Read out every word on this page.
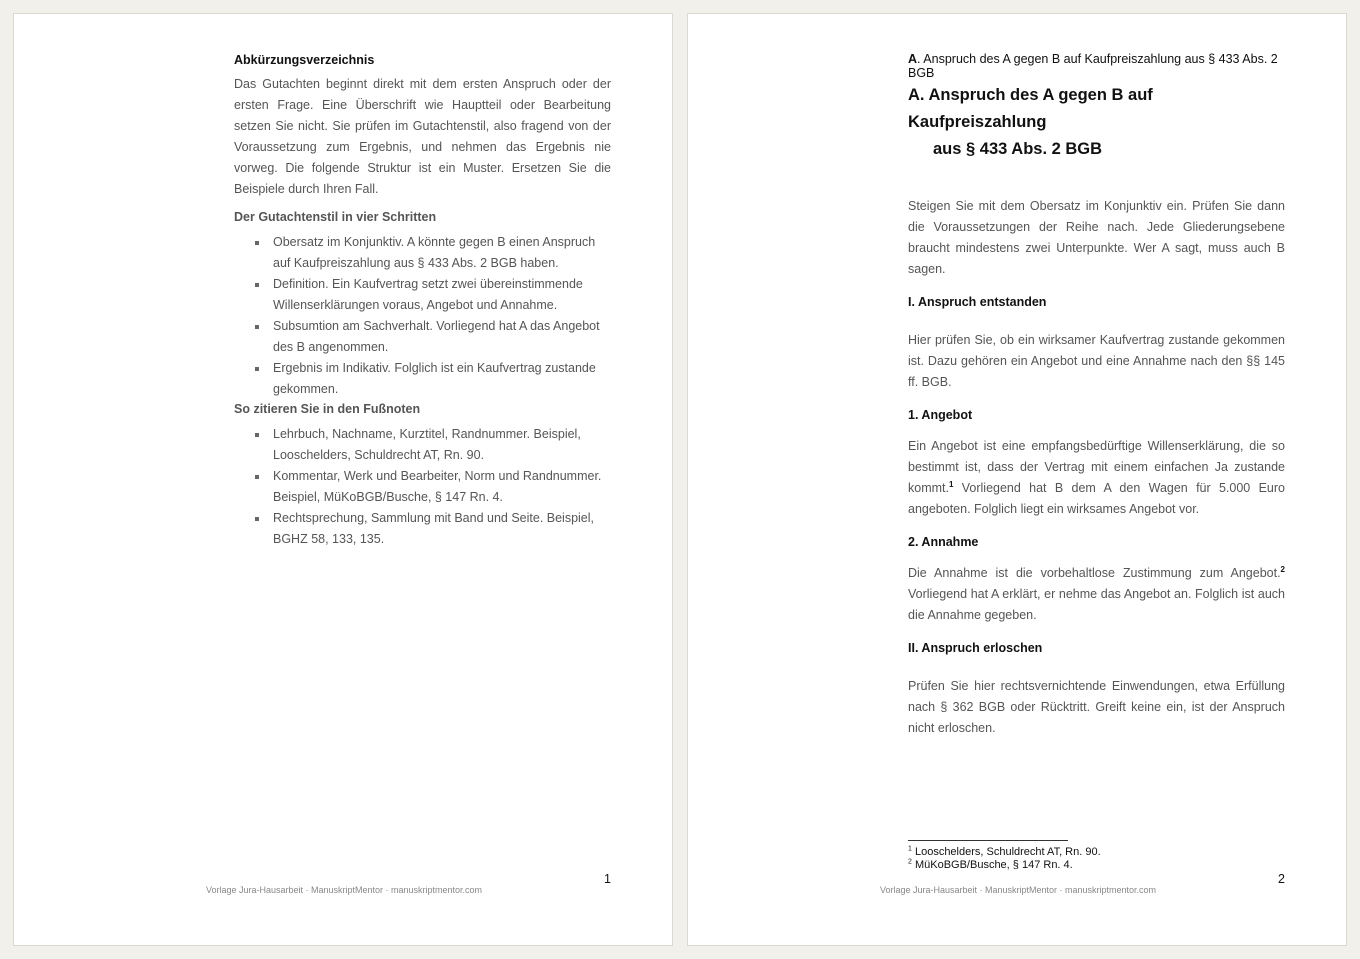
Abkürzungsverzeichnis

Das Gutachten beginnt direkt mit dem ersten Anspruch oder der ersten Frage. Eine Überschrift wie Hauptteil oder Bearbeitung setzen Sie nicht. Sie prüfen im Gutachtenstil, also fragend von der Voraussetzung zum Ergebnis, und nehmen das Ergebnis nie vorweg. Die folgende Struktur ist ein Muster. Ersetzen Sie die Beispiele durch Ihren Fall.

Der Gutachtenstil in vier Schritten
Obersatz im Konjunktiv. A könnte gegen B einen Anspruch auf Kaufpreiszahlung aus § 433 Abs. 2 BGB haben.
Definition. Ein Kaufvertrag setzt zwei übereinstimmende Willenserklärungen voraus, Angebot und Annahme.
Subsumtion am Sachverhalt. Vorliegend hat A das Angebot des B angenommen.
Ergebnis im Indikativ. Folglich ist ein Kaufvertrag zustande gekommen.
So zitieren Sie in den Fußnoten
Lehrbuch, Nachname, Kurztitel, Randnummer. Beispiel, Looschelders, Schuldrecht AT, Rn. 90.
Kommentar, Werk und Bearbeiter, Norm und Randnummer. Beispiel, MüKoBGB/Busche, § 147 Rn. 4.
Rechtsprechung, Sammlung mit Band und Seite. Beispiel, BGHZ 58, 133, 135.
1
Vorlage Jura-Hausarbeit · ManuskriptMentor · manuskriptmentor.com
A. Anspruch des A gegen B auf Kaufpreiszahlung aus § 433 Abs. 2 BGB
A. Anspruch des A gegen B auf Kaufpreiszahlung
aus § 433 Abs. 2 BGB

Steigen Sie mit dem Obersatz im Konjunktiv ein. Prüfen Sie dann die Voraussetzungen der Reihe nach. Jede Gliederungsebene braucht mindestens zwei Unterpunkte. Wer A sagt, muss auch B sagen.

I. Anspruch entstanden

Hier prüfen Sie, ob ein wirksamer Kaufvertrag zustande gekommen ist. Dazu gehören ein Angebot und eine Annahme nach den §§ 145 ff. BGB.

1. Angebot

Ein Angebot ist eine empfangsbedürftige Willenserklärung, die so bestimmt ist, dass der Vertrag mit einem einfachen Ja zustande kommt.$^1$ Vorliegend hat B dem A den Wagen für 5.000 Euro angeboten. Folglich liegt ein wirksames Angebot vor.

2. Annahme

Die Annahme ist die vorbehaltlose Zustimmung zum Angebot.$^2$ Vorliegend hat A erklärt, er nehme das Angebot an. Folglich ist auch die Annahme gegeben.

II. Anspruch erloschen

Prüfen Sie hier rechtsvernichtende Einwendungen, etwa Erfüllung nach § 362 BGB oder Rücktritt. Greift keine ein, ist der Anspruch nicht erloschen.

$^1$ Looschelders, Schuldrecht AT, Rn. 90.
$^2$ MüKoBGB/Busche, § 147 Rn. 4.
2
Vorlage Jura-Hausarbeit · ManuskriptMentor · manuskriptmentor.com
